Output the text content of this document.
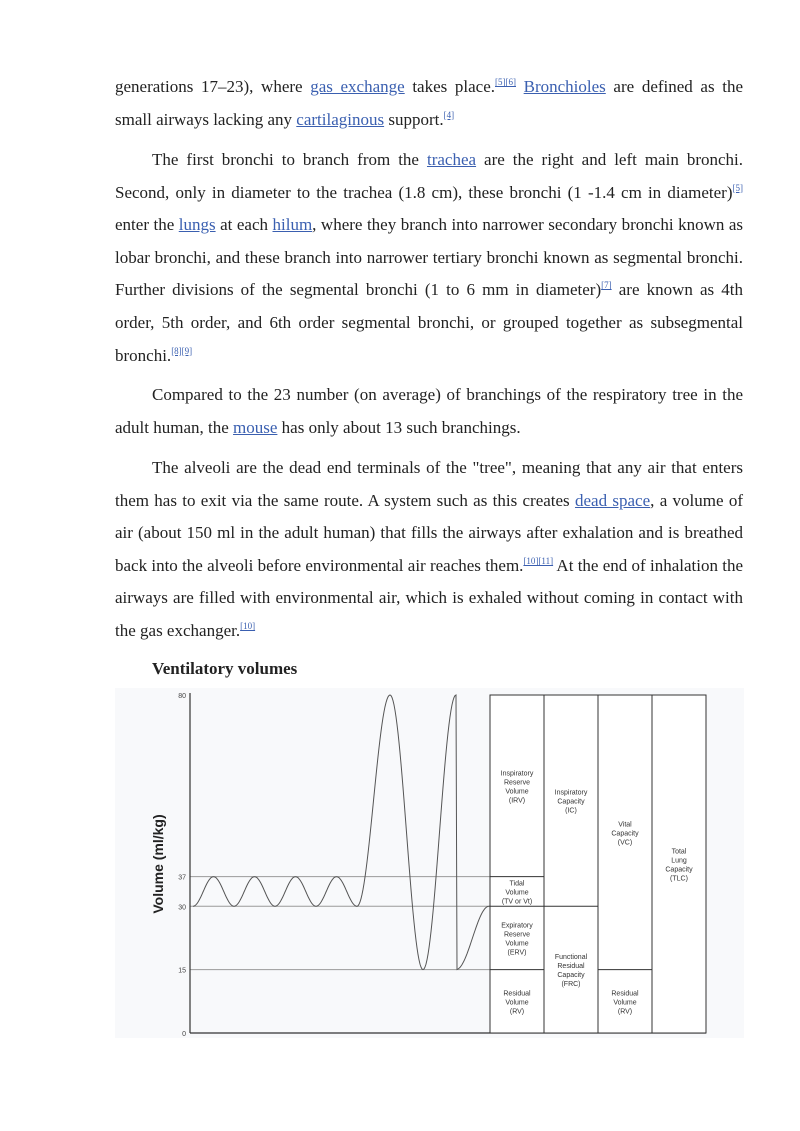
generations 17–23), where gas exchange takes place.[5][6] Bronchioles are defined as the small airways lacking any cartilaginous support.[4]

The first bronchi to branch from the trachea are the right and left main bronchi. Second, only in diameter to the trachea (1.8 cm), these bronchi (1 -1.4 cm in diameter)[5] enter the lungs at each hilum, where they branch into narrower secondary bronchi known as lobar bronchi, and these branch into narrower tertiary bronchi known as segmental bronchi. Further divisions of the segmental bronchi (1 to 6 mm in diameter)[7] are known as 4th order, 5th order, and 6th order segmental bronchi, or grouped together as subsegmental bronchi.[8][9]

Compared to the 23 number (on average) of branchings of the respiratory tree in the adult human, the mouse has only about 13 such branchings.

The alveoli are the dead end terminals of the "tree", meaning that any air that enters them has to exit via the same route. A system such as this creates dead space, a volume of air (about 150 ml in the adult human) that fills the airways after exhalation and is breathed back into the alveoli before environmental air reaches them.[10][11] At the end of inhalation the airways are filled with environmental air, which is exhaled without coming in contact with the gas exchanger.[10]

Ventilatory volumes
0
15
30
37
80
Volume (ml/kg)
Inspiratory
Reserve
Volume
(IRV)
Tidal
Volume
(TV or Vt)
Expiratory
Reserve
Volume
(ERV)
Residual
Volume
(RV)
Inspiratory
Capacity
(IC)
Functional
Residual
Capacity
(FRC)
Vital
Capacity
(VC)
Residual
Volume
(RV)
Total
Lung
Capacity
(TLC)
